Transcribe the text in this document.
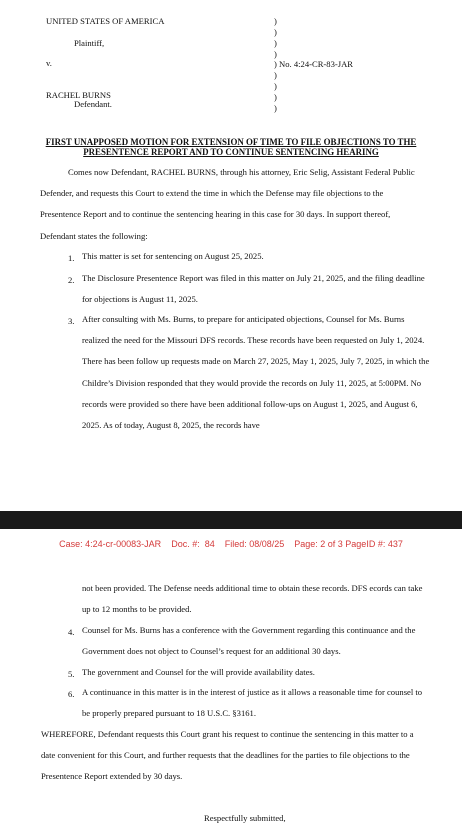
UNITED STATES OF AMERICA
Plaintiff,
v.
RACHEL BURNS
Defendant.
)
)
)
)
)
)
)
)
) No. 4:24-CR-83-JAR
FIRST UNAPPOSED MOTION FOR EXTENSION OF TIME TO FILE OBJECTIONS TO THE
PRESENTENCE REPORT AND TO CONTINUE SENTENCING HEARING
Comes now Defendant, RACHEL BURNS, through his attorney, Eric Selig, Assistant Federal Public Defender, and requests this Court to extend the time in which the Defense may file objections to the Presentence Report and to continue the sentencing hearing in this case for 30 days. In support thereof, Defendant states the following:
1. This matter is set for sentencing on August 25, 2025.
2. The Disclosure Presentence Report was filed in this matter on July 21, 2025, and the filing deadline for objections is August 11, 2025.
3. After consulting with Ms. Burns, to prepare for anticipated objections, Counsel for Ms. Burns realized the need for the Missouri DFS records. These records have been requested on July 1, 2024. There has been follow up requests made on March 27, 2025, May 1, 2025, July 7, 2025, in which the Childre’s Division responded that they would provide the records on July 11, 2025, at 5:00PM. No records were provided so there have been additional follow-ups on August 1, 2025, and August 6, 2025. As of today, August 8, 2025, the records have
Case: 4:24-cr-00083-JAR    Doc. #:  84    Filed: 08/08/25    Page: 2 of 3 PageID #: 437
not been provided. The Defense needs additional time to obtain these records. DFS ecords can take up to 12 months to be provided.
4. Counsel for Ms. Burns has a conference with the Government regarding this continuance and the Government does not object to Counsel’s request for an additional 30 days.
5. The government and Counsel for the will provide availability dates.
6. A continuance in this matter is in the interest of justice as it allows a reasonable time for counsel to be properly prepared pursuant to 18 U.S.C. §3161.
WHEREFORE, Defendant requests this Court grant his request to continue the sentencing in this matter to a date convenient for this Court, and further requests that the deadlines for the parties to file objections to the Presentence Report extended by 30 days.
Respectfully submitted,
